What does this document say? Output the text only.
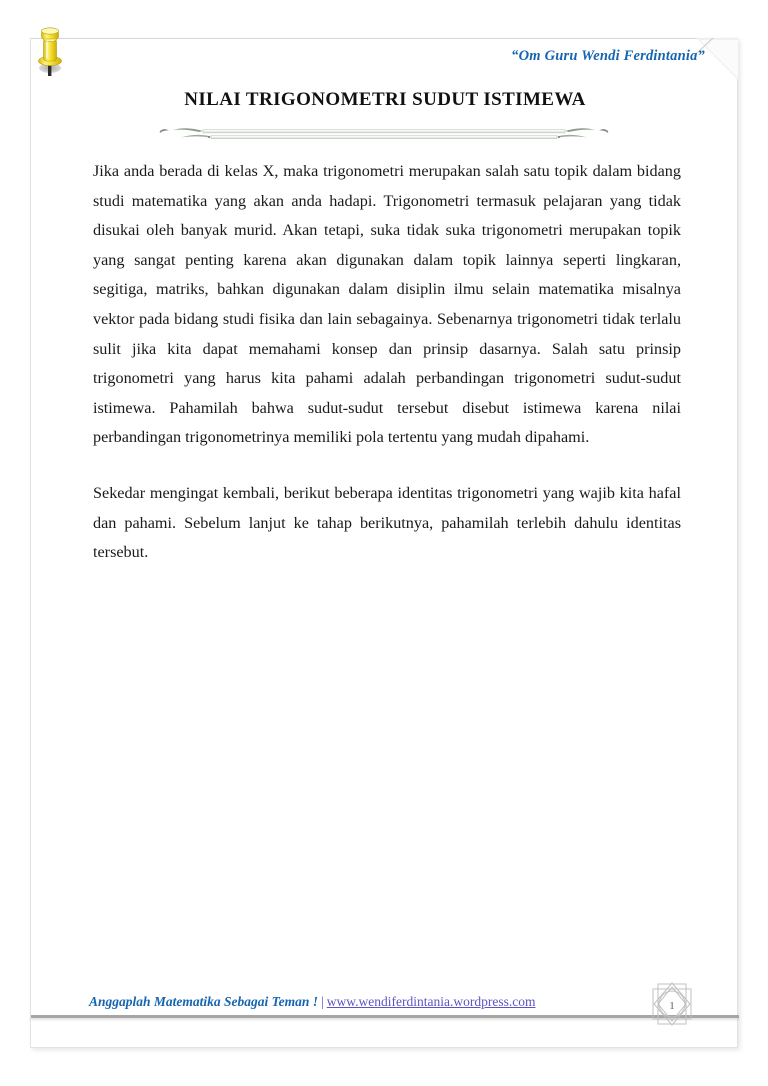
“Om Guru Wendi Ferdintania”
NILAI TRIGONOMETRI SUDUT ISTIMEWA

Jika anda berada di kelas X, maka trigonometri merupakan salah satu topik dalam bidang studi matematika yang akan anda hadapi. Trigonometri termasuk pelajaran yang tidak disukai oleh banyak murid. Akan tetapi, suka tidak suka trigonometri merupakan topik yang sangat penting karena akan digunakan dalam topik lainnya seperti lingkaran, segitiga, matriks, bahkan digunakan dalam disiplin ilmu selain matematika misalnya vektor pada bidang studi fisika dan lain sebagainya. Sebenarnya trigonometri tidak terlalu sulit jika kita dapat memahami konsep dan prinsip dasarnya. Salah satu prinsip trigonometri yang harus kita pahami adalah perbandingan trigonometri sudut-sudut istimewa. Pahamilah bahwa sudut-sudut tersebut disebut istimewa karena nilai perbandingan trigonometrinya memiliki pola tertentu yang mudah dipahami.

Sekedar mengingat kembali, berikut beberapa identitas trigonometri yang wajib kita hafal dan pahami. Sebelum lanjut ke tahap berikutnya, pahamilah terlebih dahulu identitas tersebut.

Anggaplah Matematika Sebagai Teman ! | www.wendiferdintania.wordpress.com	1
